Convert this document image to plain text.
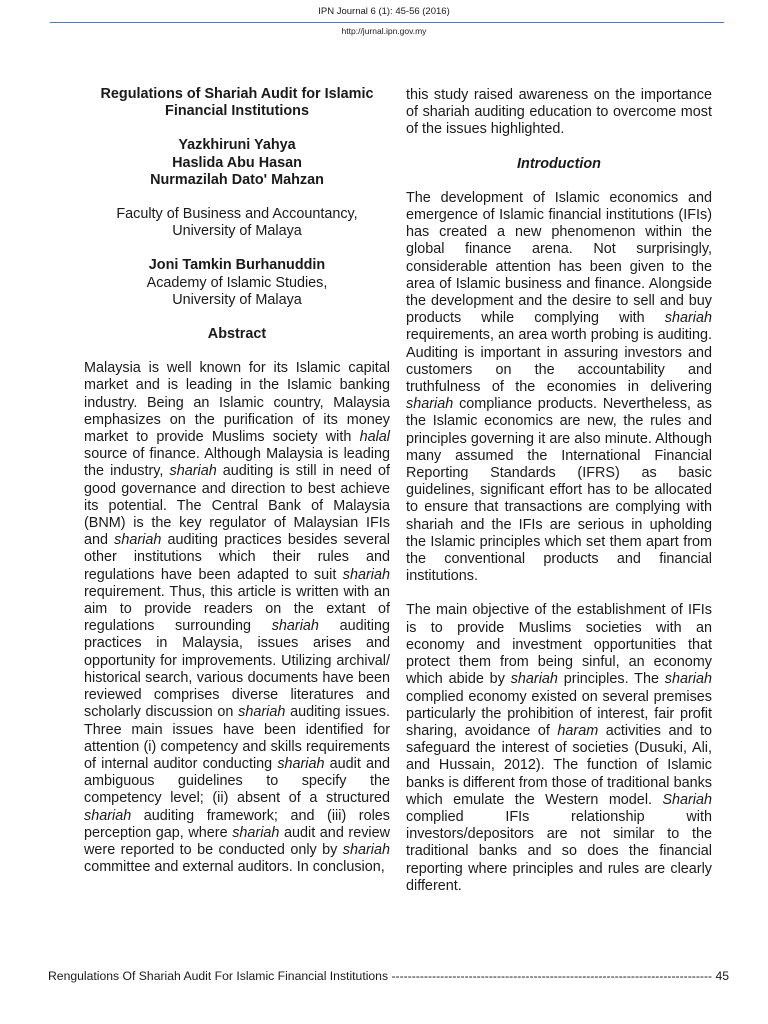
IPN Journal 6 (1): 45-56 (2016)
http://jurnal.ipn.gov.my
Regulations of Shariah Audit for Islamic
Financial Institutions
Yazkhiruni Yahya
Haslida Abu Hasan
Nurmazilah Dato' Mahzan
Faculty of Business and Accountancy,
University of Malaya
Joni Tamkin Burhanuddin
Academy of Islamic Studies,
University of Malaya
Abstract

Malaysia is well known for its Islamic capital market and is leading in the Islamic banking industry. Being an Islamic country, Malaysia emphasizes on the purification of its money market to provide Muslims society with halal source of finance. Although Malaysia is leading the industry, shariah auditing is still in need of good governance and direction to best achieve its potential. The Central Bank of Malaysia (BNM) is the key regulator of Malaysian IFIs and shariah auditing practices besides several other institutions which their rules and regulations have been adapted to suit shariah requirement. Thus, this article is written with an aim to provide readers on the extant of regulations surrounding shariah auditing practices in Malaysia, issues arises and opportunity for improvements. Utilizing archival/ historical search, various documents have been reviewed comprises diverse literatures and scholarly discussion on shariah auditing issues. Three main issues have been identified for attention (i) competency and skills requirements of internal auditor conducting shariah audit and ambiguous guidelines to specify the competency level; (ii) absent of a structured shariah auditing framework; and (iii) roles perception gap, where shariah audit and review were reported to be conducted only by shariah committee and external auditors. In conclusion,

this study raised awareness on the importance of shariah auditing education to overcome most of the issues highlighted.

Introduction

The development of Islamic economics and emergence of Islamic financial institutions (IFIs) has created a new phenomenon within the global finance arena. Not surprisingly, considerable attention has been given to the area of Islamic business and finance. Alongside the development and the desire to sell and buy products while complying with shariah requirements, an area worth probing is auditing. Auditing is important in assuring investors and customers on the accountability and truthfulness of the economies in delivering shariah compliance products. Nevertheless, as the Islamic economics are new, the rules and principles governing it are also minute. Although many assumed the International Financial Reporting Standards (IFRS) as basic guidelines, significant effort has to be allocated to ensure that transactions are complying with shariah and the IFIs are serious in upholding the Islamic principles which set them apart from the conventional products and financial institutions.

The main objective of the establishment of IFIs is to provide Muslims societies with an economy and investment opportunities that protect them from being sinful, an economy which abide by shariah principles. The shariah complied economy existed on several premises particularly the prohibition of interest, fair profit sharing, avoidance of haram activities and to safeguard the interest of societies (Dusuki, Ali, and Hussain, 2012). The function of Islamic banks is different from those of traditional banks which emulate the Western model. Shariah complied IFIs relationship with investors/depositors are not similar to the traditional banks and so does the financial reporting where principles and rules are clearly different.

Rengulations Of Shariah Audit For Islamic Financial Institutions ------------------------------------------------------------------------------- 45
